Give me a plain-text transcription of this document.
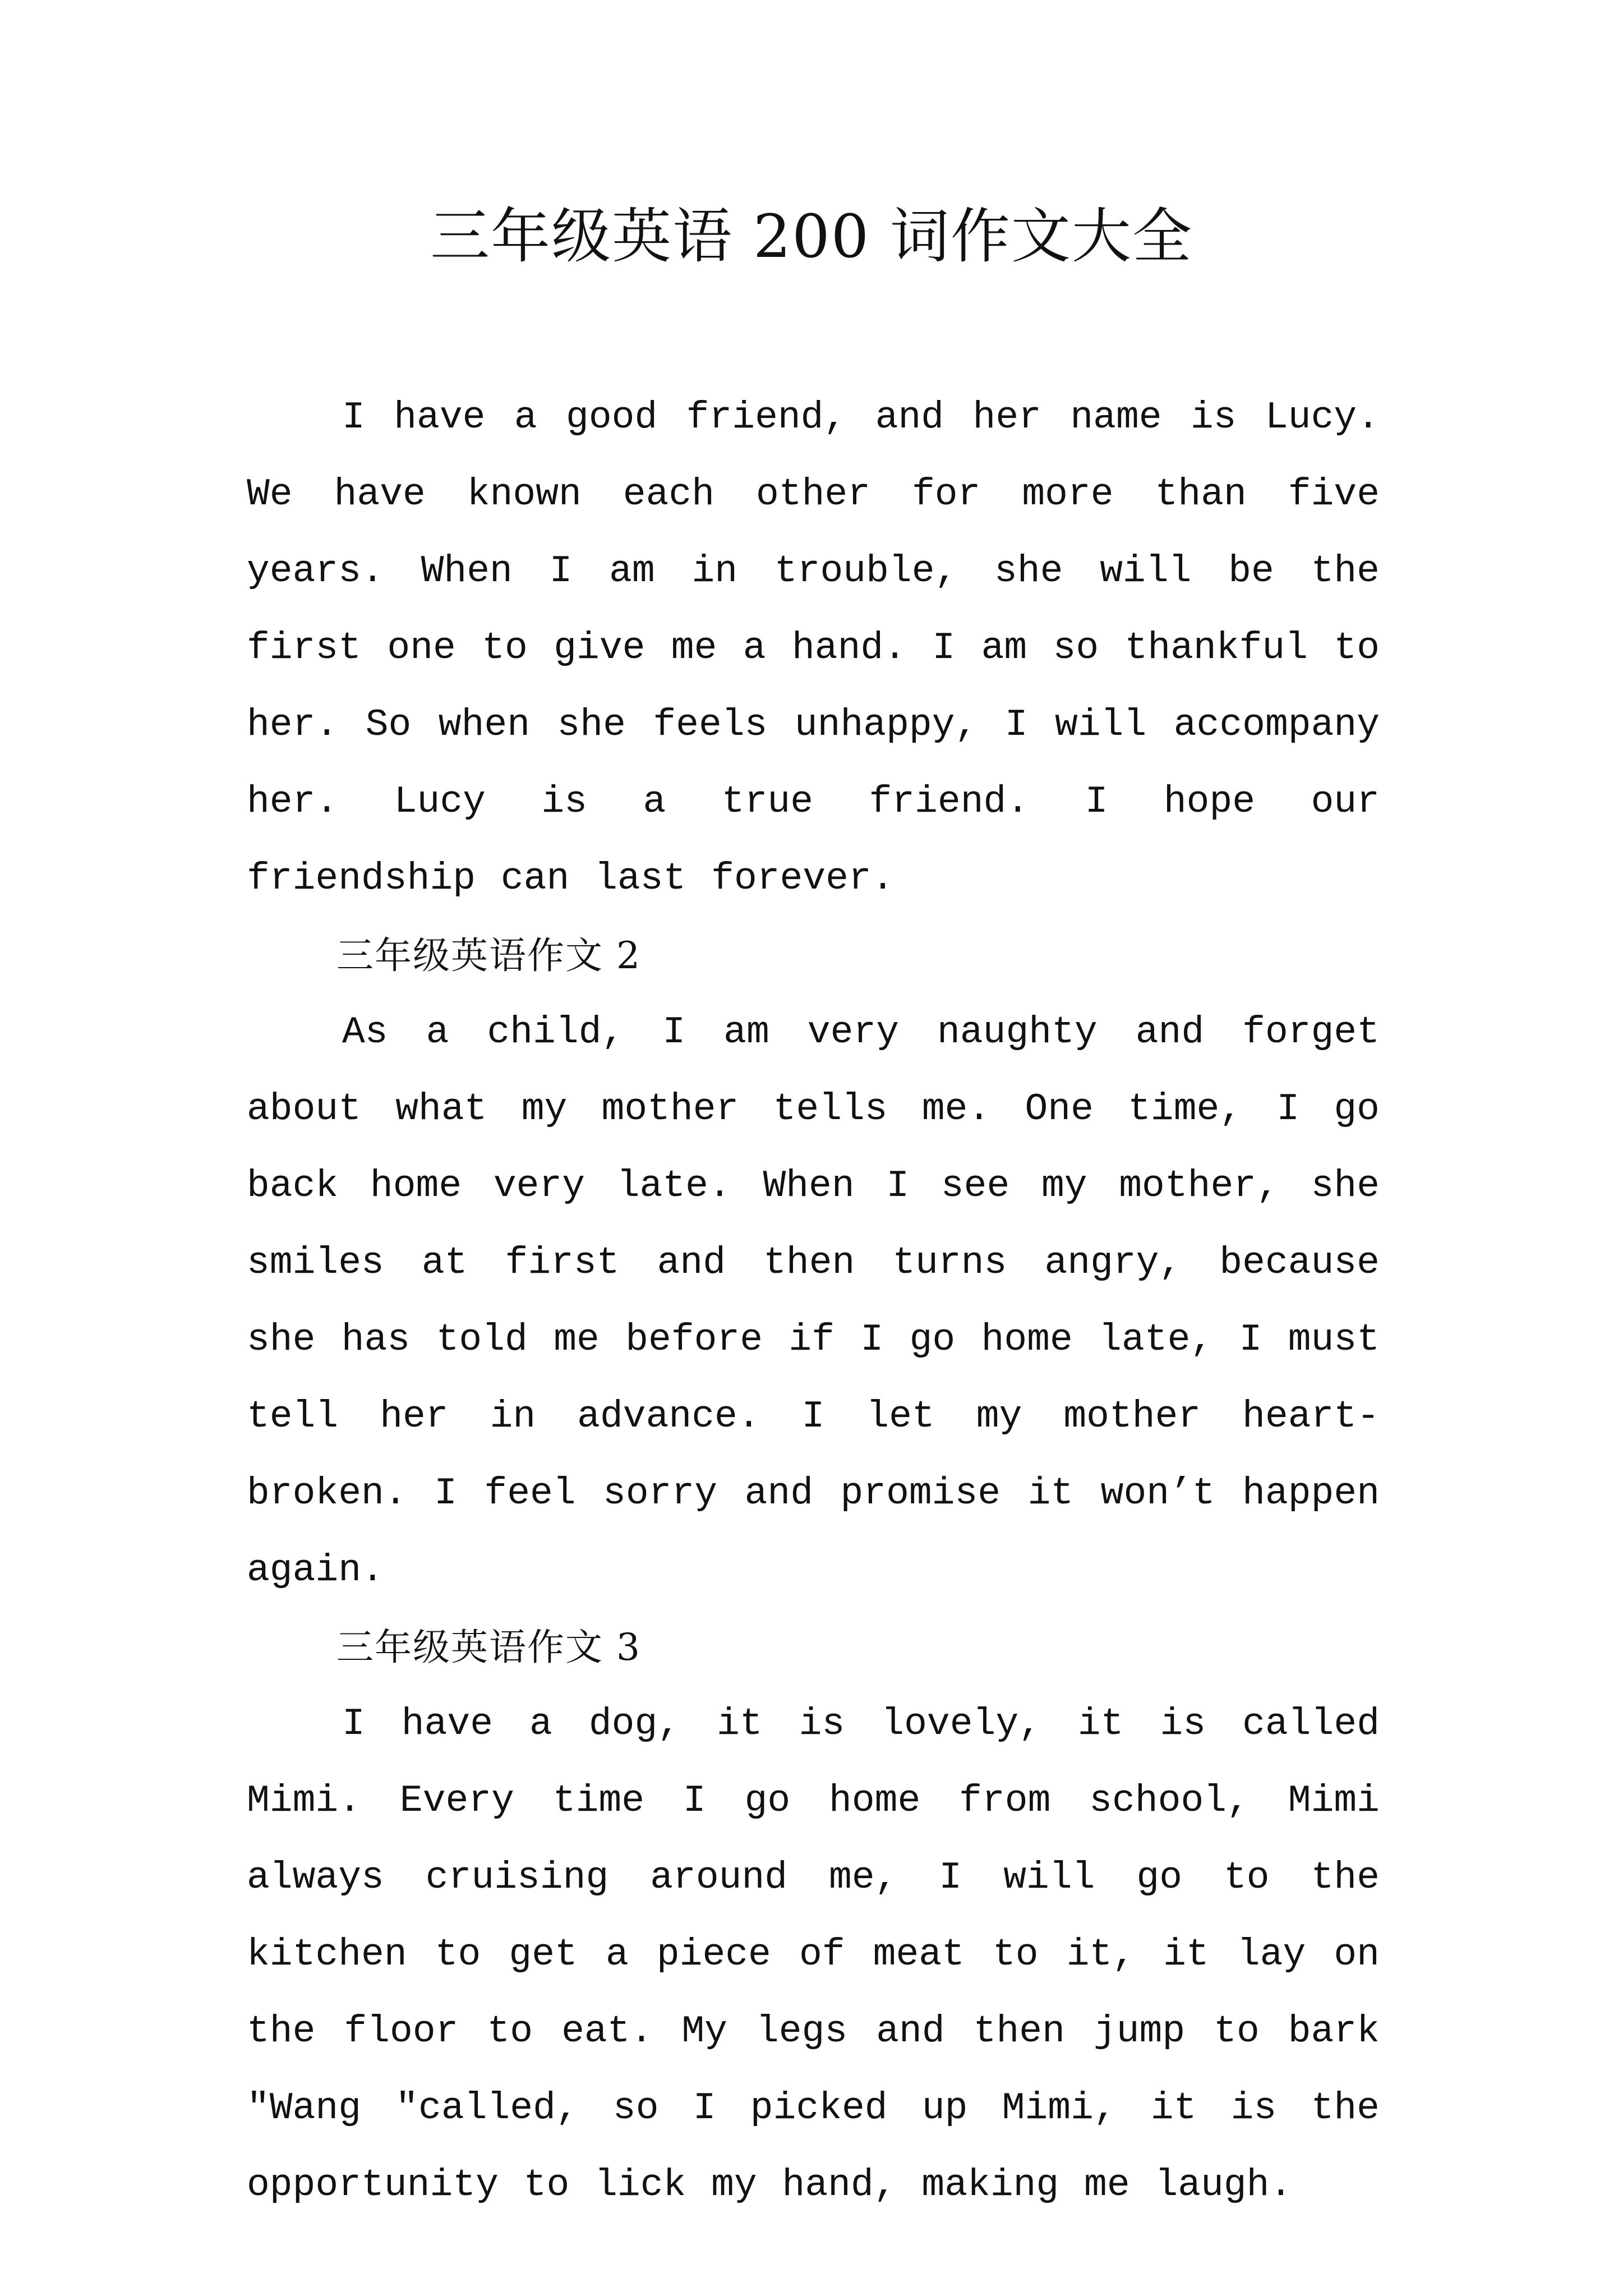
三年级英语 200 词作文大全

I have a good friend, and her name is Lucy. We have known each other for more than five years. When I am in trouble, she will be the first one to give me a hand. I am so thankful to her. So when she feels unhappy, I will accompany her. Lucy is a true friend. I hope our friendship can last forever.

三年级英语作文 2

As a child, I am very naughty and forget about what my mother tells me. One time, I go back home very late. When I see my mother, she smiles at first and then turns angry, because she has told me before if I go home late, I must tell her in advance. I let my mother heart-broken. I feel sorry and promise it won’t happen again.

三年级英语作文 3

I have a dog, it is lovely, it is called Mimi. Every time I go home from school, Mimi always cruising around me, I will go to the kitchen to get a piece of meat to it, it lay on the floor to eat. My legs and then jump to bark "Wang "called, so I picked up Mimi, it is the opportunity to lick my hand, making me laugh.
